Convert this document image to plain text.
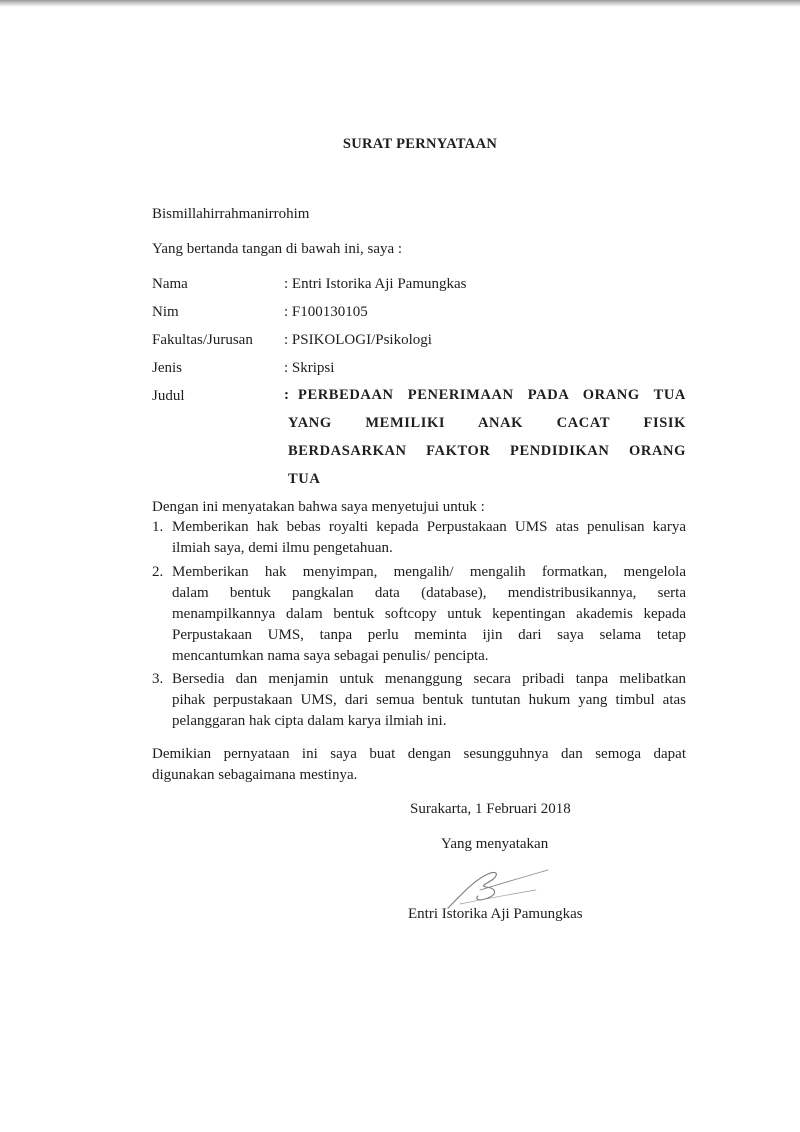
SURAT PERNYATAAN
Bismillahirrahmanirrohim
Yang bertanda tangan di bawah ini, saya :
Nama	: Entri Istorika Aji Pamungkas
Nim	: F100130105
Fakultas/Jurusan : PSIKOLOGI/Psikologi
Jenis	: Skripsi
Judul	: PERBEDAAN PENERIMAAN PADA ORANG TUA
YANG MEMILIKI ANAK CACAT FISIK
BERDASARKAN FAKTOR PENDIDIKAN ORANG
TUA
Dengan ini menyatakan bahwa saya menyetujui untuk :
1. Memberikan hak bebas royalti kepada Perpustakaan UMS atas penulisan karya
ilmiah saya, demi ilmu pengetahuan.
2. Memberikan hak menyimpan, mengalih/ mengalih formatkan, mengelola
dalam bentuk pangkalan data (database), mendistribusikannya, serta
menampilkannya dalam bentuk softcopy untuk kepentingan akademis kepada
Perpustakaan UMS, tanpa perlu meminta ijin dari saya selama tetap
mencantumkan nama saya sebagai penulis/ pencipta.
3. Bersedia dan menjamin untuk menanggung secara pribadi tanpa melibatkan
pihak perpustakaan UMS, dari semua bentuk tuntutan hukum yang timbul atas
pelanggaran hak cipta dalam karya ilmiah ini.
Demikian pernyataan ini saya buat dengan sesungguhnya dan semoga dapat
digunakan sebagaimana mestinya.
Surakarta, 1 Februari 2018
Yang menyatakan
Entri Istorika Aji Pamungkas
